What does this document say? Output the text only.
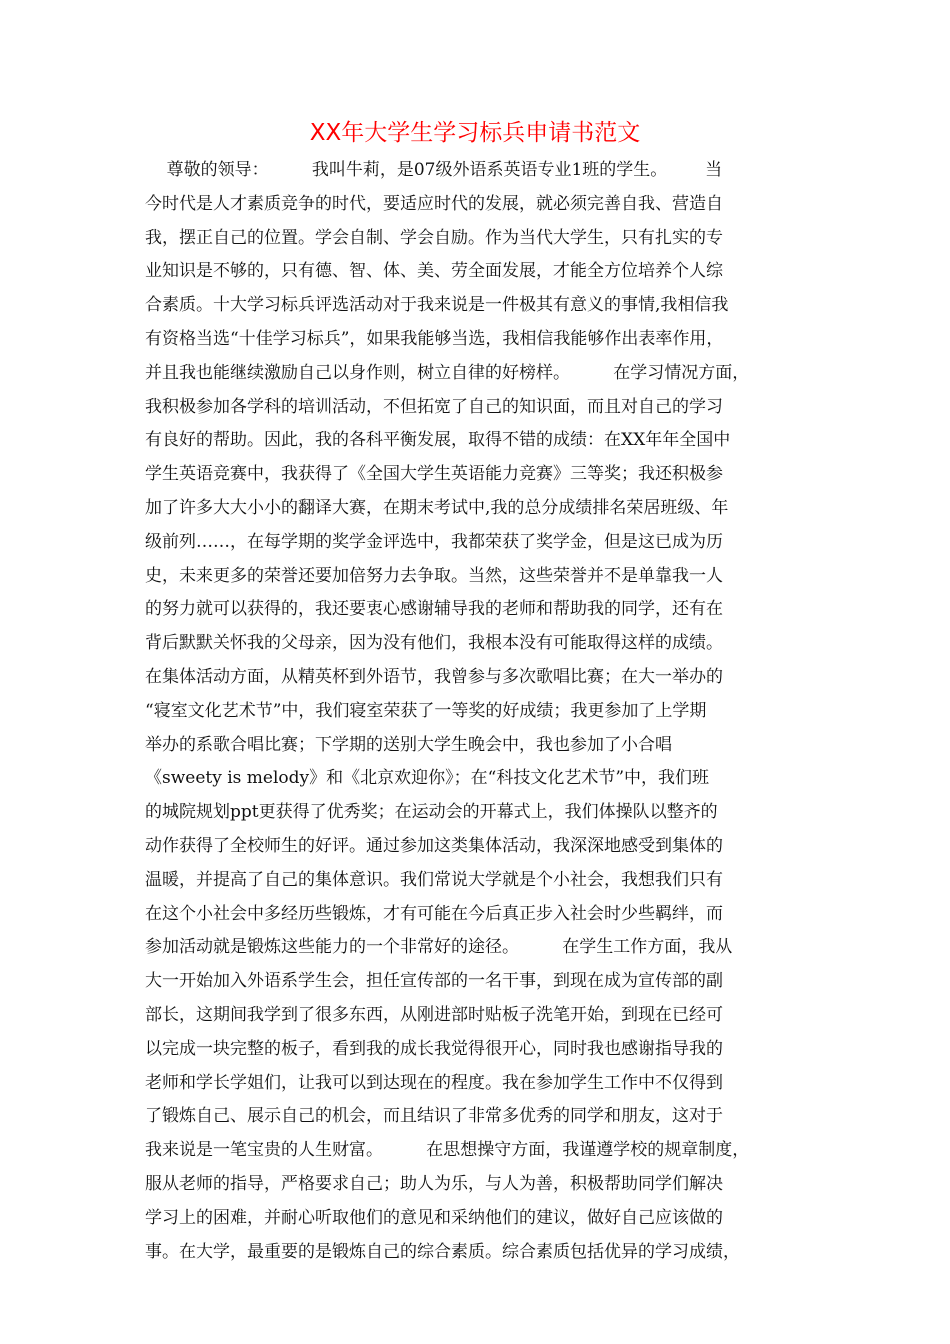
XX年大学生学习标兵申请书范文
尊敬的领导：        我叫牛莉，是07级外语系英语专业1班的学生。       当
今时代是人才素质竞争的时代，要适应时代的发展，就必须完善自我、营造自
我，摆正自己的位置。学会自制、学会自励。作为当代大学生，只有扎实的专
业知识是不够的，只有德、智、体、美、劳全面发展，才能全方位培养个人综
合素质。十大学习标兵评选活动对于我来说是一件极其有意义的事情,我相信我
有资格当选“十佳学习标兵”，如果我能够当选，我相信我能够作出表率作用，
并且我也能继续激励自己以身作则，树立自律的好榜样。        在学习情况方面，
我积极参加各学科的培训活动，不但拓宽了自己的知识面，而且对自己的学习
有良好的帮助。因此，我的各科平衡发展，取得不错的成绩：在XX年年全国中
学生英语竞赛中，我获得了《全国大学生英语能力竞赛》三等奖；我还积极参
加了许多大大小小的翻译大赛，在期末考试中,我的总分成绩排名荣居班级、年
级前列……，在每学期的奖学金评选中，我都荣获了奖学金，但是这已成为历
史，未来更多的荣誉还要加倍努力去争取。当然，这些荣誉并不是单靠我一人
的努力就可以获得的，我还要衷心感谢辅导我的老师和帮助我的同学，还有在
背后默默关怀我的父母亲，因为没有他们，我根本没有可能取得这样的成绩。
在集体活动方面，从精英杯到外语节，我曾参与多次歌唱比赛；在大一举办的
“寝室文化艺术节”中，我们寝室荣获了一等奖的好成绩；我更参加了上学期
举办的系歌合唱比赛；下学期的送别大学生晚会中，我也参加了小合唱
《sweety is melody》和《北京欢迎你》；在“科技文化艺术节”中，我们班
的城院规划ppt更获得了优秀奖；在运动会的开幕式上，我们体操队以整齐的
动作获得了全校师生的好评。通过参加这类集体活动，我深深地感受到集体的
温暖，并提高了自己的集体意识。我们常说大学就是个小社会，我想我们只有
在这个小社会中多经历些锻炼，才有可能在今后真正步入社会时少些羁绊，而
参加活动就是锻炼这些能力的一个非常好的途径。        在学生工作方面，我从
大一开始加入外语系学生会，担任宣传部的一名干事，到现在成为宣传部的副
部长，这期间我学到了很多东西，从刚进部时贴板子洗笔开始，到现在已经可
以完成一块完整的板子，看到我的成长我觉得很开心，同时我也感谢指导我的
老师和学长学姐们，让我可以到达现在的程度。我在参加学生工作中不仅得到
了锻炼自己、展示自己的机会，而且结识了非常多优秀的同学和朋友，这对于
我来说是一笔宝贵的人生财富。        在思想操守方面，我谨遵学校的规章制度，
服从老师的指导，严格要求自己；助人为乐，与人为善，积极帮助同学们解决
学习上的困难，并耐心听取他们的意见和采纳他们的建议，做好自己应该做的
事。在大学，最重要的是锻炼自己的综合素质。综合素质包括优异的学习成绩，
